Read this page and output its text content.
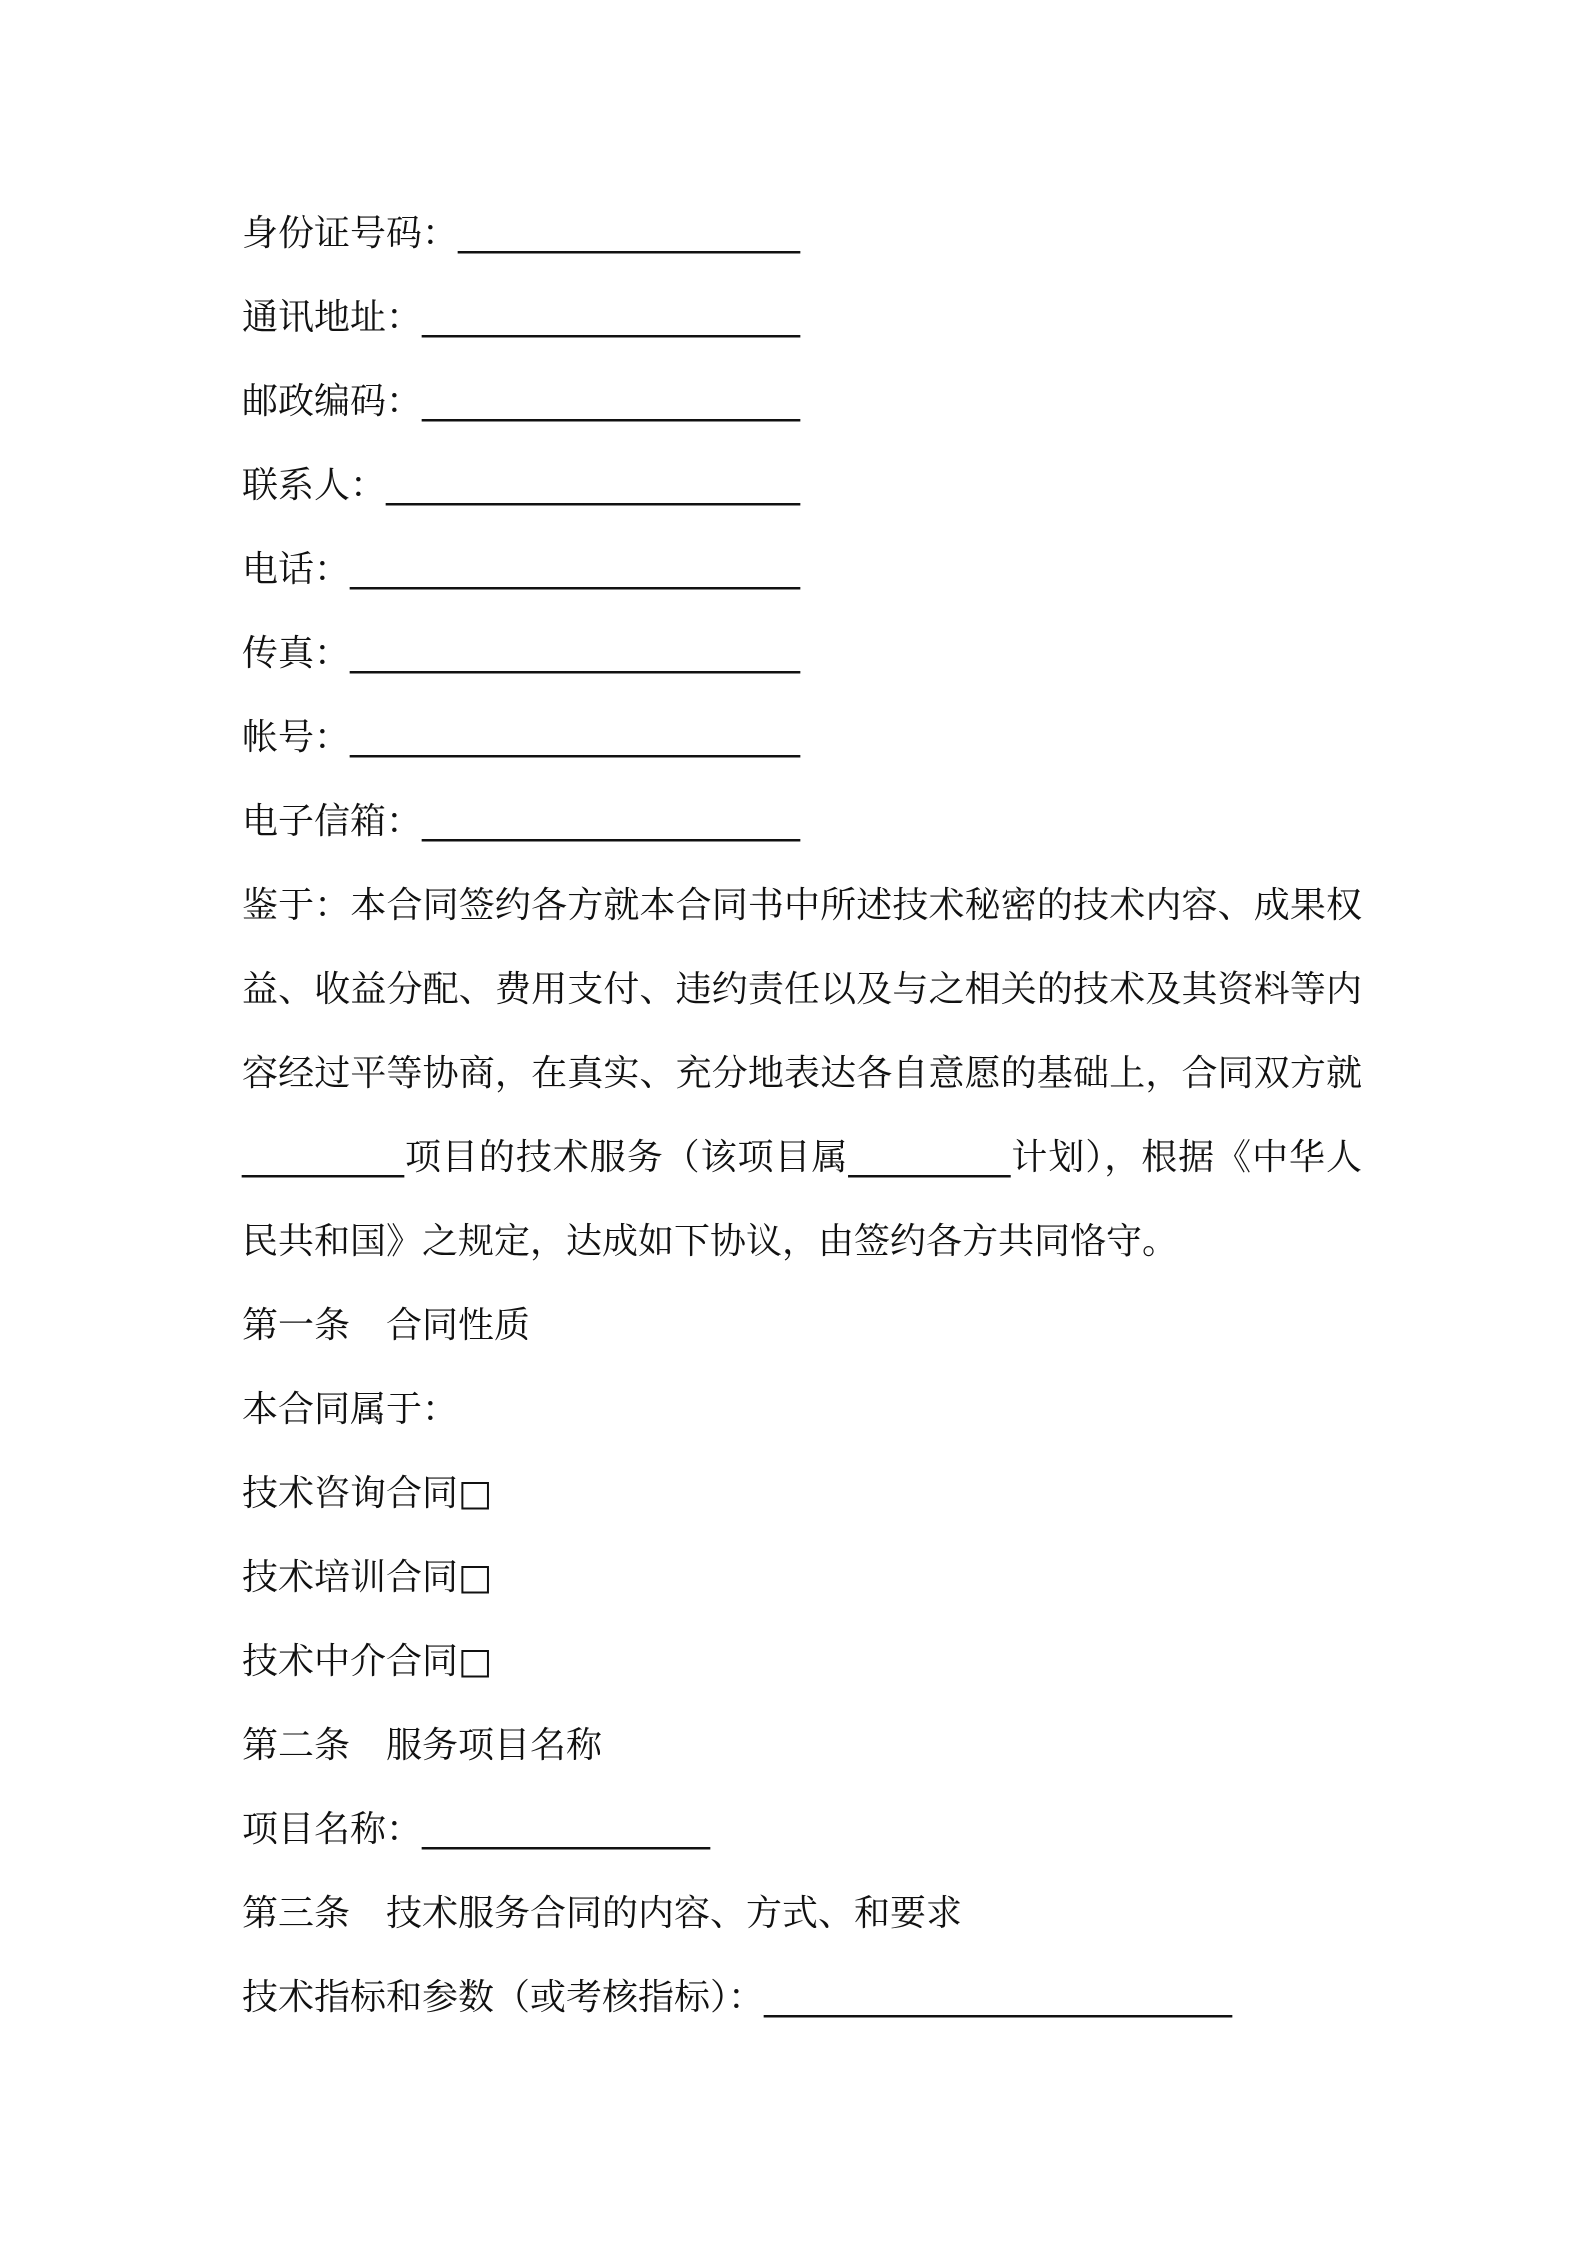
身份证号码：___________________
通讯地址：_____________________
邮政编码：_____________________
联系人：_______________________
电话：_________________________
传真：_________________________
帐号：_________________________
电子信箱：_____________________
鉴于：本合同签约各方就本合同书中所述技术秘密的技术内容、成果权益、收益分配、费用支付、违约责任以及与之相关的技术及其资料等内容经过平等协商，在真实、充分地表达各自意愿的基础上，合同双方就_________项目的技术服务（该项目属_________计划），根据《中华人民共和国》之规定，达成如下协议，由签约各方共同恪守。
第一条　合同性质
本合同属于：
技术咨询合同□
技术培训合同□
技术中介合同□
第二条　服务项目名称
项目名称：________________
第三条　技术服务合同的内容、方式、和要求
技术指标和参数（或考核指标）：__________________________
